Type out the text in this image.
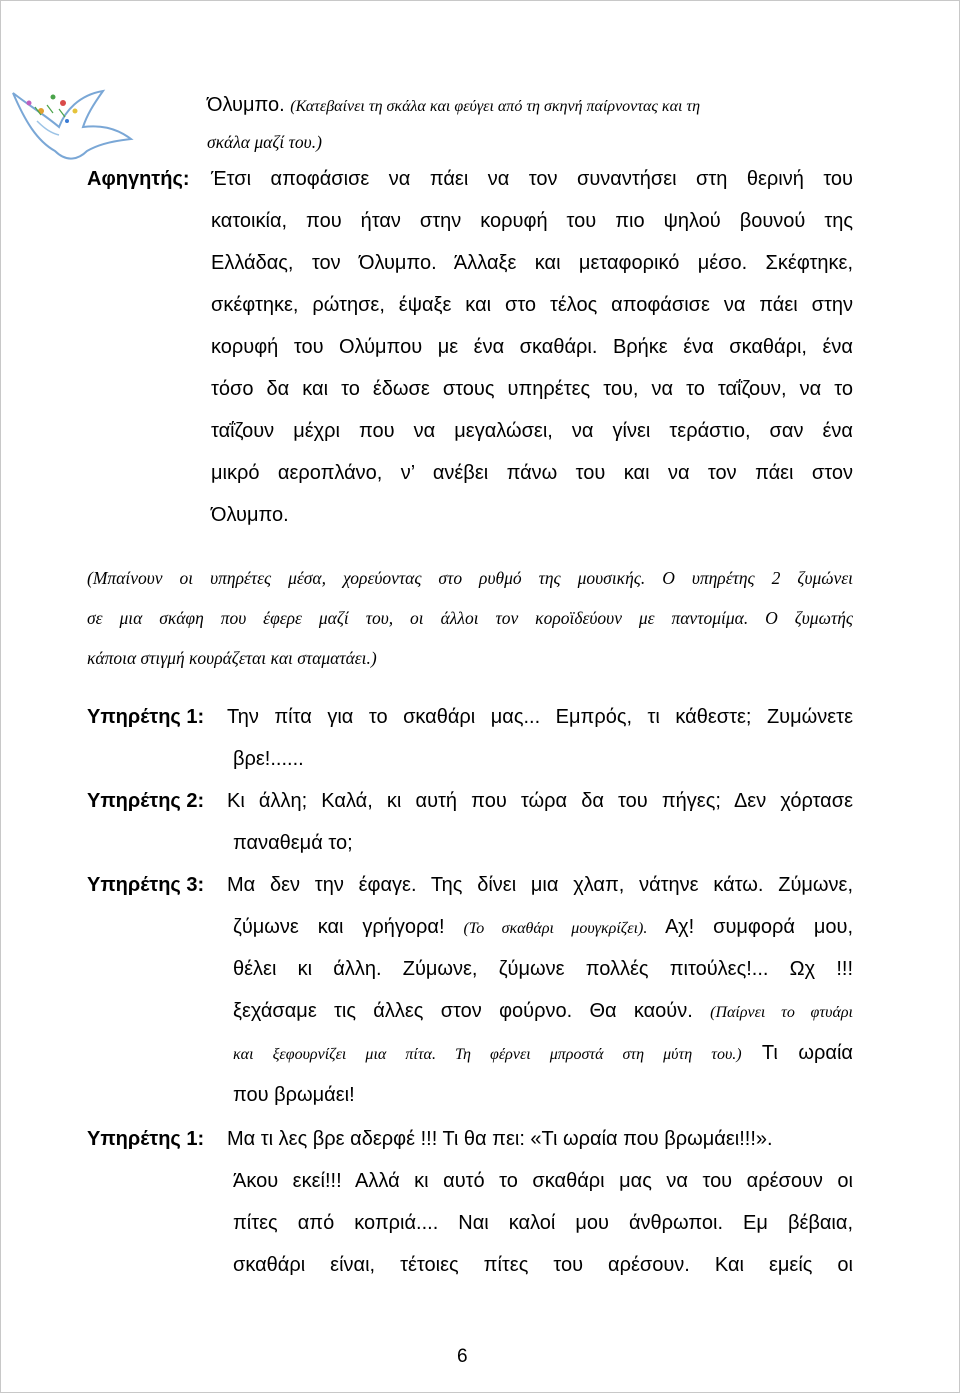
Όλυμπο. (Κατεβαίνει τη σκάλα και φεύγει από τη σκηνή παίρνοντας και τη
σκάλα μαζί του.)
Αφηγητής: Έτσι αποφάσισε να πάει να τον συναντήσει στη θερινή του
κατοικία, που ήταν στην κορυφή του πιο ψηλού βουνού της
Ελλάδας, τον Όλυμπο. Άλλαξε και μεταφορικό μέσο. Σκέφτηκε,
σκέφτηκε, ρώτησε, έψαξε και στο τέλος αποφάσισε να πάει στην
κορυφή του Ολύμπου με ένα σκαθάρι. Βρήκε ένα σκαθάρι, ένα
τόσο δα και το έδωσε στους υπηρέτες του, να το ταΐζουν, να το
ταΐζουν μέχρι που να μεγαλώσει, να γίνει τεράστιο, σαν ένα
μικρό αεροπλάνο, ν’ ανέβει πάνω του και να τον πάει στον
Όλυμπο.
(Μπαίνουν οι υπηρέτες μέσα, χορεύοντας στο ρυθμό της μουσικής. Ο υπηρέτης 2 ζυμώνει
σε μια σκάφη που έφερε μαζί του, οι άλλοι τον κοροϊδεύουν με παντομίμα. Ο ζυμωτής
κάποια στιγμή κουράζεται και σταματάει.)
Υπηρέτης 1: Την πίτα για το σκαθάρι μας... Εμπρός, τι κάθεστε; Ζυμώνετε
βρε!......
Υπηρέτης 2: Κι άλλη; Καλά, κι αυτή που τώρα δα του πήγες; Δεν χόρτασε
παναθεμά το;
Υπηρέτης 3: Μα δεν την έφαγε. Της δίνει μια χλαπ, νάτηνε κάτω. Ζύμωνε,
ζύμωνε και γρήγορα! (Το σκαθάρι μουγκρίζει). Αχ! συμφορά μου,
θέλει κι άλλη. Ζύμωνε, ζύμωνε πολλές πιτούλες!... Ωχ !!!
ξεχάσαμε τις άλλες στον φούρνο. Θα καούν. (Παίρνει το φτυάρι
και ξεφουρνίζει μια πίτα. Τη φέρνει μπροστά στη μύτη του.) Τι ωραία
που βρωμάει!
Υπηρέτης 1: Μα τι λες βρε αδερφέ !!! Τι θα πει: «Τι ωραία που βρωμάει!!!».
Άκου εκεί!!! Αλλά κι αυτό το σκαθάρι μας να του αρέσουν οι
πίτες από κοπριά.... Ναι καλοί μου άνθρωποι. Εμ βέβαια,
σκαθάρι είναι, τέτοιες πίτες του αρέσουν. Και εμείς οι
6
